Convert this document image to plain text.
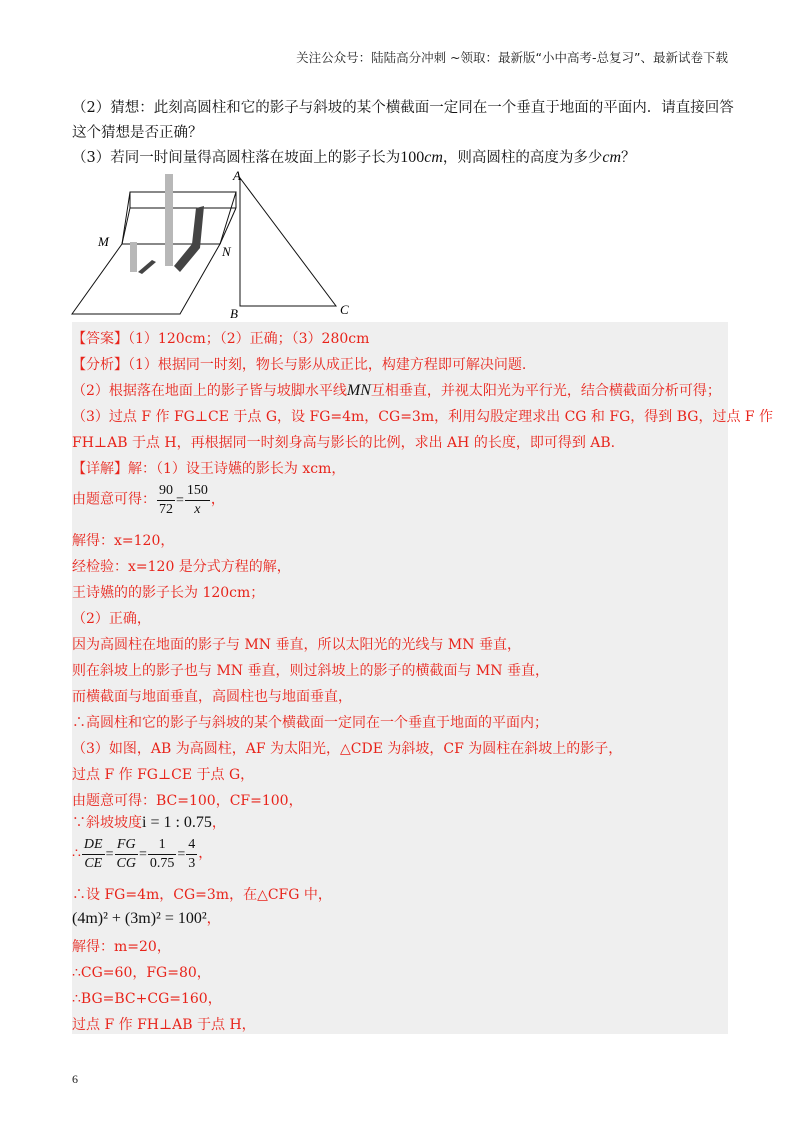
关注公众号：陆陆高分冲刺 ~领取：最新版“小中高考-总复习”、最新试卷下载
（2）猜想：此刻高圆柱和它的影子与斜坡的某个横截面一定同在一个垂直于地面的平面内．请直接回答
这个猜想是否正确？
（3）若同一时间量得高圆柱落在坡面上的影子长为100cm，则高圆柱的高度为多少cm？
A
B	C
M
N
【答案】（1）120cm；（2）正确；（3）280cm
【分析】（1）根据同一时刻，物长与影从成正比，构建方程即可解决问题.
（2）根据落在地面上的影子皆与坡脚水平线MN互相垂直，并视太阳光为平行光，结合横截面分析可得；
（3）过点 F 作 FG⊥CE 于点 G，设 FG=4m，CG=3m，利用勾股定理求出 CG 和 FG，得到 BG，过点 F 作
FH⊥AB 于点 H，再根据同一时刻身高与影长的比例，求出 AH 的长度，即可得到 AB.
【详解】解：（1）设王诗嬿的影长为 xcm，
由题意可得： $\frac{90}{72} = \frac{150}{x}$ ，
解得：x=120，
经检验：x=120 是分式方程的解，
王诗嬿的的影子长为 120cm；
（2）正确，
因为高圆柱在地面的影子与 MN 垂直，所以太阳光的光线与 MN 垂直，
则在斜坡上的影子也与 MN 垂直，则过斜坡上的影子的横截面与 MN 垂直，
而横截面与地面垂直，高圆柱也与地面垂直，
∴高圆柱和它的影子与斜坡的某个横截面一定同在一个垂直于地面的平面内；
（3）如图，AB 为高圆柱，AF 为太阳光，△CDE 为斜坡，CF 为圆柱在斜坡上的影子，
过点 F 作 FG⊥CE 于点 G，
由题意可得：BC=100，CF=100，
∵斜坡坡度i = 1 : 0.75，
∴ $\frac{DE}{CE} = \frac{FG}{CG} = \frac{1}{0.75} = \frac{4}{3}$ ，
∴设 FG=4m，CG=3m，在△CFG 中，
(4m)² + (3m)² = 100²，
解得：m=20，
∴CG=60，FG=80，
∴BG=BC+CG=160，
过点 F 作 FH⊥AB 于点 H，
6
